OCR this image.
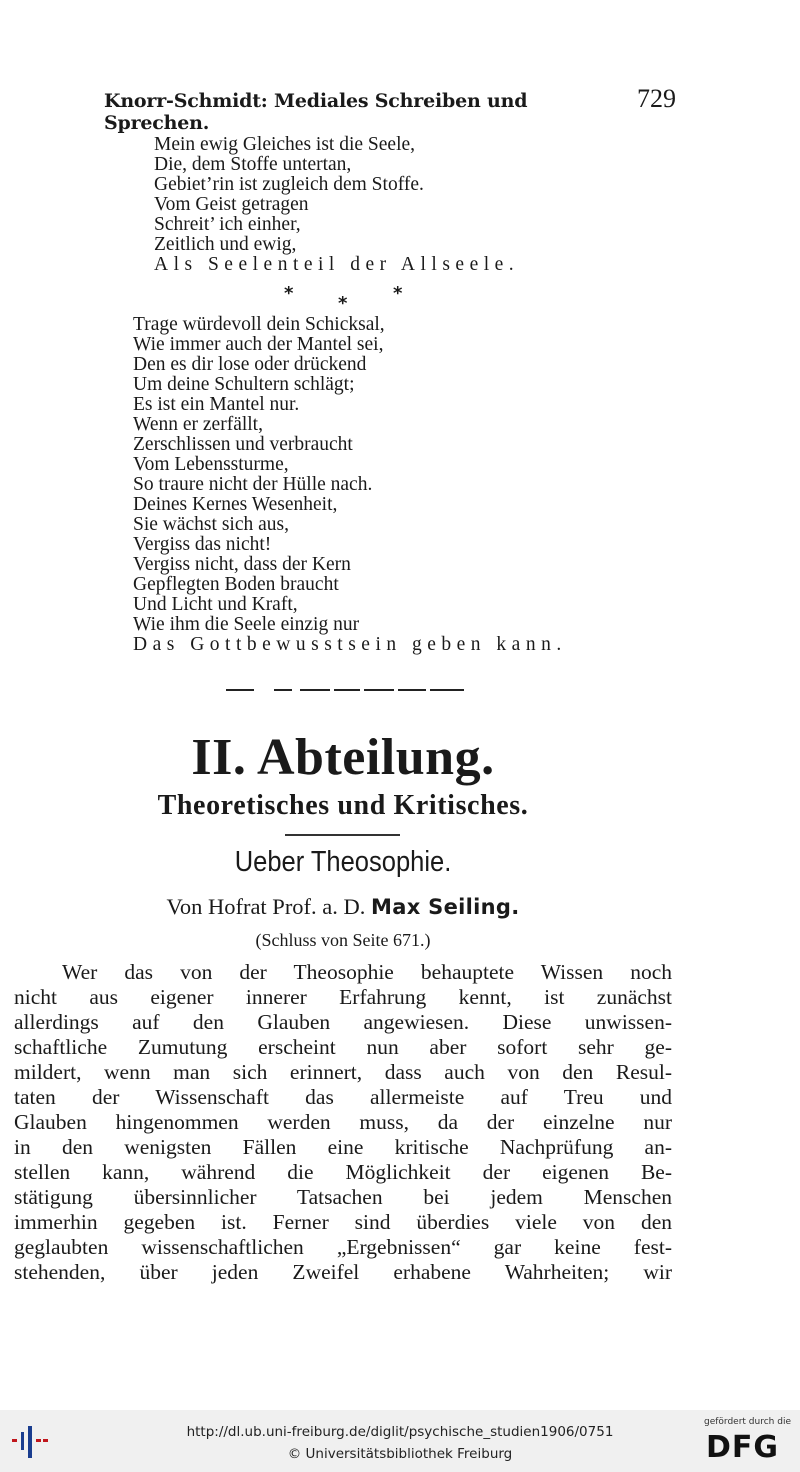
Knorr-Schmidt: Mediales Schreiben und Sprechen.
729
Mein ewig Gleiches ist die Seele,
Die, dem Stoffe untertan,
Gebiet’rin ist zugleich dem Stoffe.
Vom Geist getragen
Schreit’ ich einher,
Zeitlich und ewig,
Als Seelenteil der Allseele.
* *	*
Trage würdevoll dein Schicksal,
Wie immer auch der Mantel sei,
Den es dir lose oder drückend
Um deine Schultern schlägt;
Es ist ein Mantel nur.
Wenn er zerfällt,
Zerschlissen und verbraucht
Vom Lebenssturme,
So traure nicht der Hülle nach.
Deines Kernes Wesenheit,
Sie wächst sich aus,
Vergiss das nicht!
Vergiss nicht, dass der Kern
Gepflegten Boden braucht
Und Licht und Kraft,
Wie ihm die Seele einzig nur
Das Gottbewusstsein geben kann.
II. Abteilung.
Theoretisches und Kritisches.
Ueber Theosophie.
Von Hofrat Prof. a. D. Max Seiling.
(Schluss von Seite 671.)
Wer das von der Theosophie behauptete Wissen noch
nicht aus eigener innerer Erfahrung kennt, ist zunächst
allerdings auf den Glauben angewiesen. Diese unwissen-
schaftliche Zumutung erscheint nun aber sofort sehr ge-
mildert, wenn man sich erinnert, dass auch von den Resul-
taten der Wissenschaft das allermeiste auf Treu und
Glauben hingenommen werden muss, da der einzelne nur
in den wenigsten Fällen eine kritische Nachprüfung an-
stellen kann, während die Möglichkeit der eigenen Be-
stätigung übersinnlicher Tatsachen bei jedem Menschen
immerhin gegeben ist. Ferner sind überdies viele von den
geglaubten wissenschaftlichen „Ergebnissen“ gar keine fest-
stehenden, über jeden Zweifel erhabene Wahrheiten; wir
http://dl.ub.uni-freiburg.de/diglit/psychische_studien1906/0751
© Universitätsbibliothek Freiburg
gefördert durch die
DFG
